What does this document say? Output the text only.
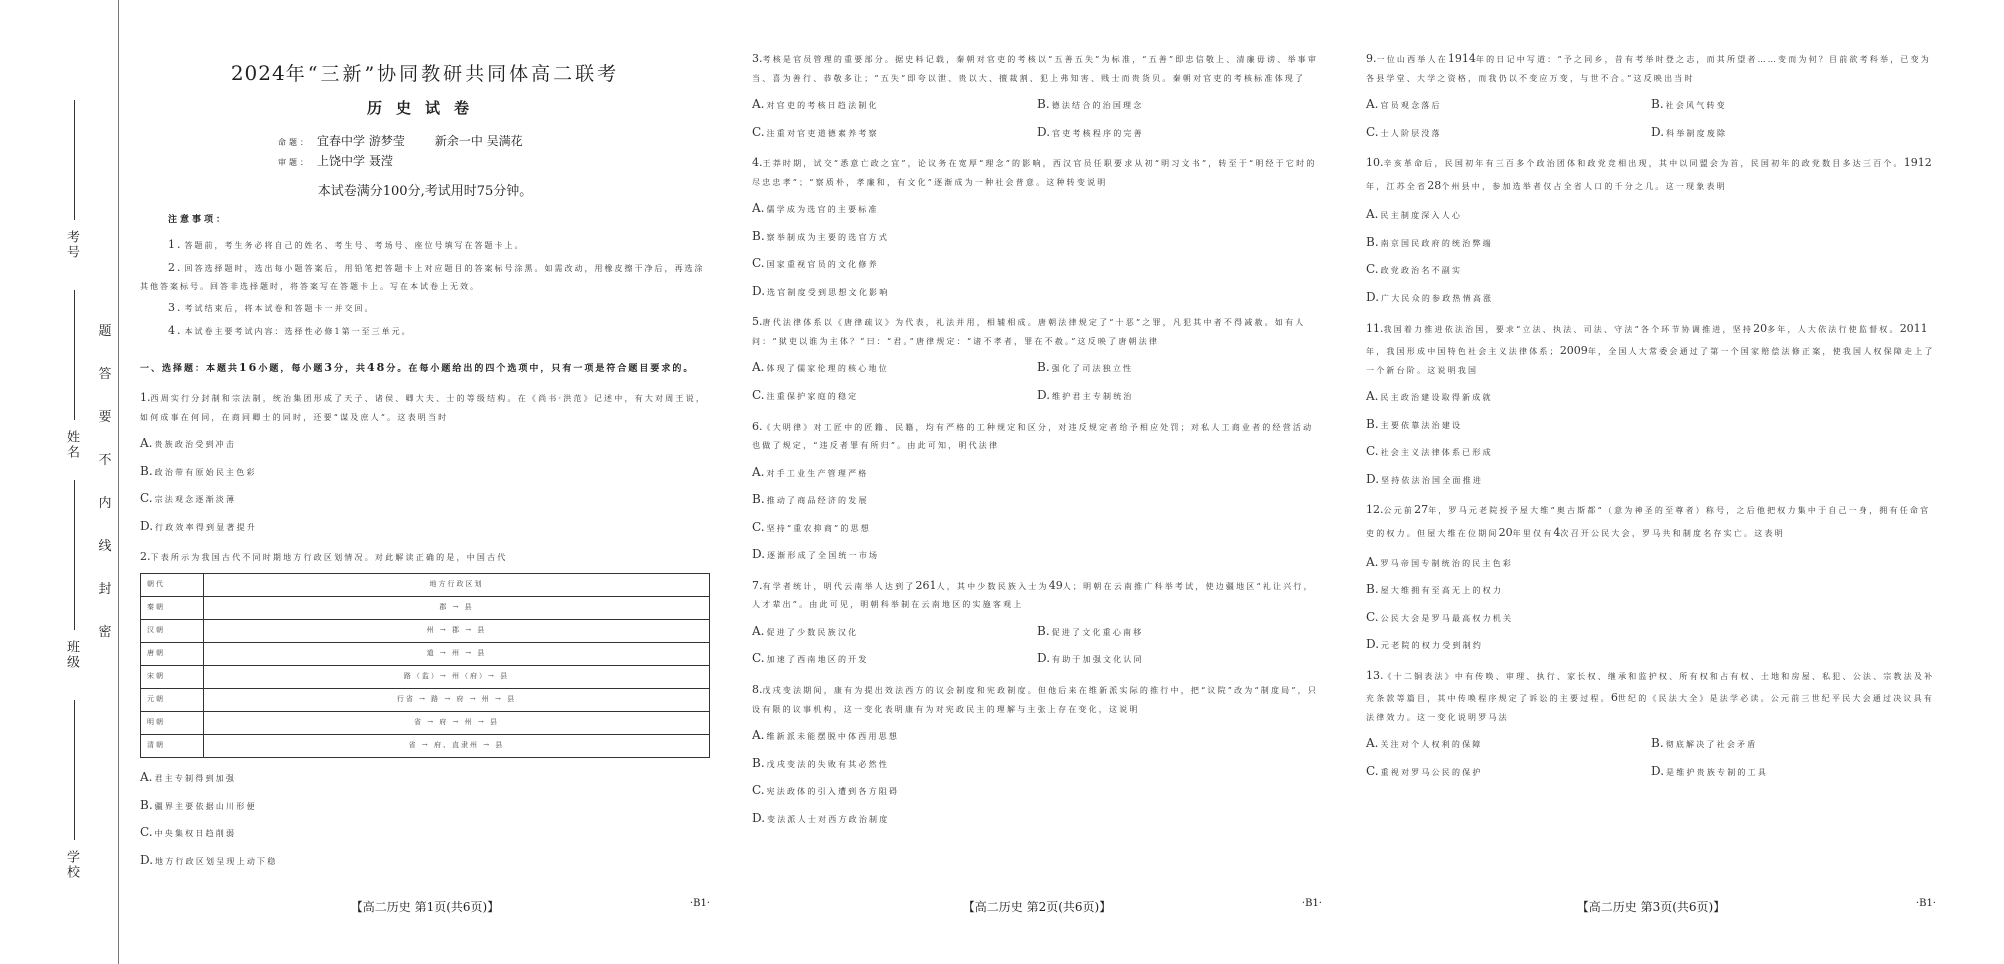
考号
姓名
班级
学校
题
答
要
不
内
线
封
密
2024年“三新”协同教研共同体高二联考
历史试卷
命题： 宜春中学 游梦莹	新余一中 吴满花
审题： 上饶中学 聂滢
本试卷满分100分,考试用时75分钟。
注意事项：
1. 答题前，考生务必将自己的姓名、考生号、考场号、座位号填写在答题卡上。
2. 回答选择题时，选出每小题答案后，用铅笔把答题卡上对应题目的答案标号涂黑。如需改动，用橡皮擦干净后，再选涂其他答案标号。回答非选择题时，将答案写在答题卡上。写在本试卷上无效。
3. 考试结束后，将本试卷和答题卡一并交回。
4. 本试卷主要考试内容：选择性必修1第一至三单元。
一、选择题：本题共16小题，每小题3分，共48分。在每小题给出的四个选项中，只有一项是符合题目要求的。
1.西周实行分封制和宗法制，统治集团形成了天子、诸侯、卿大夫、士的等级结构。在《尚书·洪范》记述中，有大对周王说，如何成事在何同，在商同卿士的同时，还要“谋及庶人”。这表明当时
A. 贵族政治受到冲击
B. 政治带有原始民主色彩
C. 宗法观念逐渐淡薄
D. 行政效率得到显著提升
2.下表所示为我国古代不同时期地方行政区划情况。对此解读正确的是，中国古代
朝代	地方行政区划
秦朝	郡 → 县
汉朝	州 → 郡 → 县
唐朝	道 → 州 → 县
宋朝	路（监）→ 州（府）→ 县
元朝	行省 → 路 → 府 → 州 → 县
明朝	省 → 府 → 州 → 县
清朝	省 → 府、直隶州 → 县
A. 君主专制得到加强
B. 疆界主要依据山川形便
C. 中央集权日趋削弱
D. 地方行政区划呈现上动下稳
【高二历史 第1页(共6页)】	·B1·
3.考核是官员管理的重要部分。据史料记载，秦朝对官吏的考核以“五善五失”为标准，“五善”即忠信敬上、清廉毋谤、举事审当、喜为善行、恭敬多让；“五失”即夸以泄、贵以大、擅裁割、犯上弗知害、贱士而贵货贝。秦朝对官吏的考核标准体现了
A. 对官吏的考核日趋法制化	B. 德法结合的治国理念
C. 注重对官吏道德素养考察	D. 官吏考核程序的完善
4.王莽时期，试交“悉意亡政之宜”，论议务在宽厚“理念”的影响，西汉官员任职要求从初“明习文书”，转至于“明经于它时的尽忠忠孝”；“察质朴，孝廉和，有文化”逐渐成为一种社会普意。这种转变说明
A. 儒学成为选官的主要标准
B. 察举制成为主要的选官方式
C. 国家重视官员的文化修养
D. 选官制度受到思想文化影响
5.唐代法律体系以《唐律疏议》为代表，礼法并用，相辅相成。唐朝法律规定了“十恶”之罪，凡犯其中者不得减赦。如有人问：“狱吏以谁为主体？”曰：“君。”唐律规定：“诸不孝者，罪在不赦。”这反映了唐朝法律
A. 体现了儒家伦理的核心地位	B. 强化了司法独立性
C. 注重保护家庭的稳定	D. 维护君主专制统治
6.《大明律》对工匠中的匠籍、民籍，均有严格的工种规定和区分，对违反规定者给予相应处罚；对私人工商业者的经营活动也做了规定，“违反者罪有所归”。由此可知，明代法律
A. 对手工业生产管理严格
B. 推动了商品经济的发展
C. 坚持“重农抑商”的思想
D. 逐渐形成了全国统一市场
7.有学者统计，明代云南举人达到了261人，其中少数民族入士为49人；明朝在云南推广科举考试，使边疆地区“礼让兴行，人才辈出”。由此可见，明朝科举制在云南地区的实施客观上
A. 促进了少数民族汉化	B. 促进了文化重心南移
C. 加速了西南地区的开发	D. 有助于加强文化认同
8.戊戌变法期间，康有为提出效法西方的议会制度和宪政制度。但他后来在维新派实际的推行中，把“议院”改为“制度局”，只设有限的议事机构，这一变化表明康有为对宪政民主的理解与主张上存在变化，这说明
A. 维新派未能摆脱中体西用思想
B. 戊戌变法的失败有其必然性
C. 宪法政体的引入遭到各方阻碍
D. 变法派人士对西方政治制度
【高二历史 第2页(共6页)】	·B1·
9.一位山西举人在1914年的日记中写道：“予之同乡，昔有考举时登之志，而其所望者……变而为何？目前欲考科举，已变为各县学堂、大学之资格，而我仍以不变应万变，与世不合。”这反映出当时
A. 官员观念落后	B. 社会风气转变
C. 士人阶层没落	D. 科举制度废除
10.辛亥革命后，民国初年有三百多个政治团体和政党竞相出现，其中以同盟会为首，民国初年的政党数目多达三百个。1912年，江苏全省28个州县中，参加选举者仅占全省人口的千分之几。这一现象表明
A. 民主制度深入人心
B. 南京国民政府的统治弊端
C. 政党政治名不副实
D. 广大民众的参政热情高涨
11.我国着力推进依法治国，要求“立法、执法、司法、守法”各个环节协调推进，坚持20多年，人大依法行使监督权。2011年，我国形成中国特色社会主义法律体系；2009年，全国人大常委会通过了第一个国家赔偿法修正案，使我国人权保障走上了一个新台阶。这说明我国
A. 民主政治建设取得新成就
B. 主要依靠法治建设
C. 社会主义法律体系已形成
D. 坚持依法治国全面推进
12.公元前27年，罗马元老院授予屋大维“奥古斯都”（意为神圣的至尊者）称号，之后他把权力集中于自己一身，拥有任命官吏的权力。但屋大维在位期间20年里仅有4次召开公民大会，罗马共和制度名存实亡。这表明
A. 罗马帝国专制统治的民主色彩
B. 屋大维拥有至高无上的权力
C. 公民大会是罗马最高权力机关
D. 元老院的权力受到制约
13.《十二铜表法》中有传唤、审理、执行、家长权、继承和监护权、所有权和占有权、土地和房屋、私犯、公法、宗教法及补充条款等篇目，其中传唤程序规定了诉讼的主要过程。6世纪的《民法大全》是法学必读。公元前三世纪平民大会通过决议具有法律效力。这一变化说明罗马法
A. 关注对个人权利的保障	B. 彻底解决了社会矛盾
C. 重视对罗马公民的保护	D. 是维护贵族专制的工具
【高二历史 第3页(共6页)】	·B1·
